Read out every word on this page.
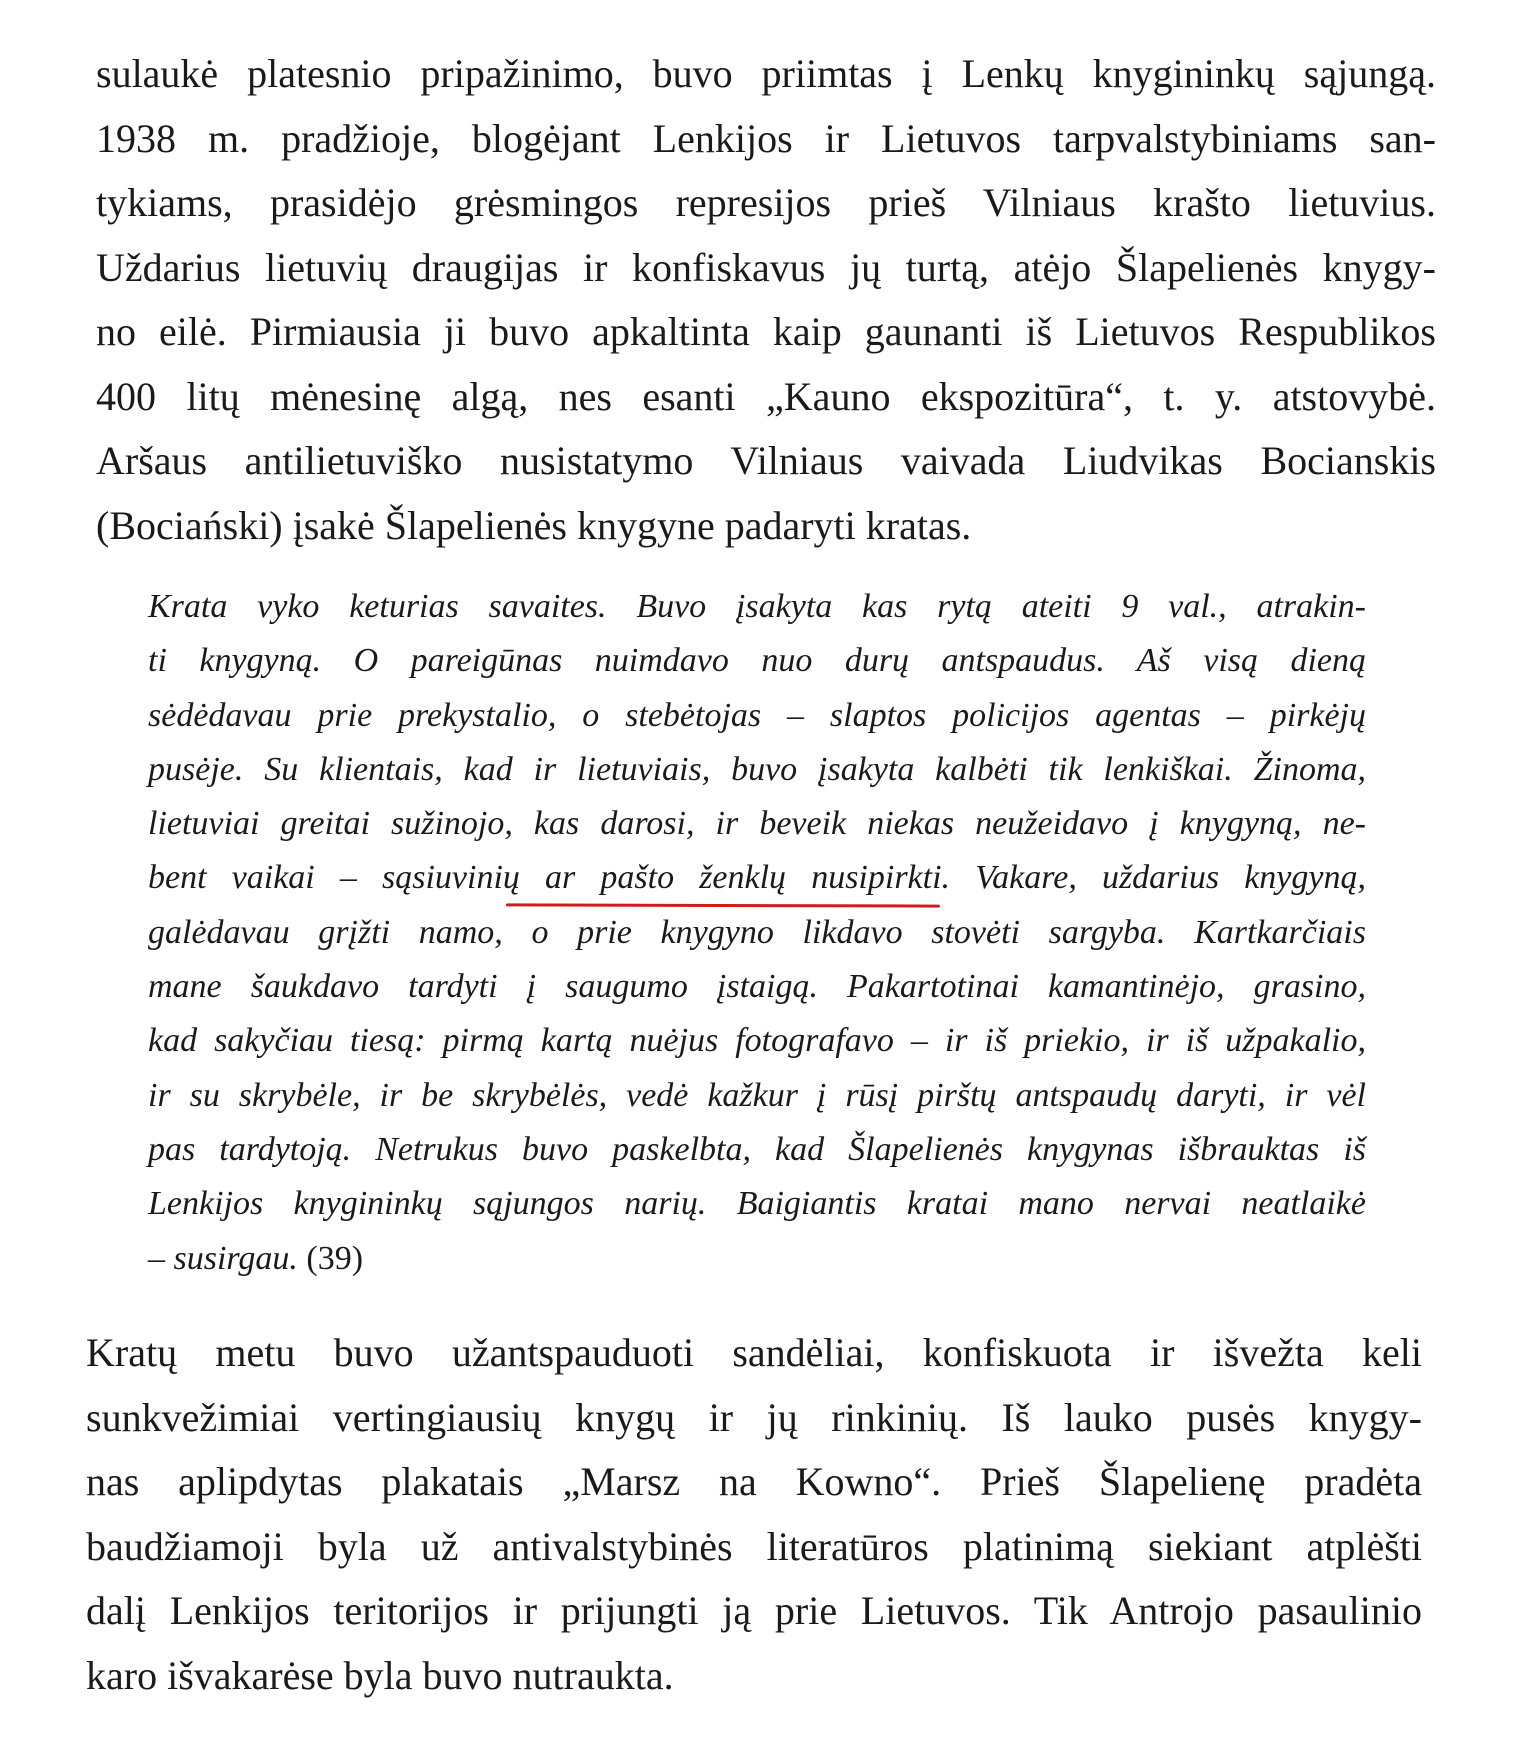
sulaukė platesnio pripažinimo, buvo priimtas į Lenkų knygininkų sąjungą.
1938 m. pradžioje, blogėjant Lenkijos ir Lietuvos tarpvalstybiniams san-
tykiams, prasidėjo grėsmingos represijos prieš Vilniaus krašto lietuvius.
Uždarius lietuvių draugijas ir konfiskavus jų turtą, atėjo Šlapelienės knygy-
no eilė. Pirmiausia ji buvo apkaltinta kaip gaunanti iš Lietuvos Respublikos
400 litų mėnesinę algą, nes esanti „Kauno ekspozitūra“, t. y. atstovybė.
Aršaus antilietuviško nusistatymo Vilniaus vaivada Liudvikas Bocianskis
(Bociański) įsakė Šlapelienės knygyne padaryti kratas.
Krata vyko keturias savaites. Buvo įsakyta kas rytą ateiti 9 val., atrakin-
ti knygyną. O pareigūnas nuimdavo nuo durų antspaudus. Aš visą dieną
sėdėdavau prie prekystalio, o stebėtojas – slaptos policijos agentas – pirkėjų
pusėje. Su klientais, kad ir lietuviais, buvo įsakyta kalbėti tik lenkiškai. Žinoma,
lietuviai greitai sužinojo, kas darosi, ir beveik niekas neužeidavo į knygyną, ne-
bent vaikai – sąsiuvinių ar pašto ženklų nusipirkti. Vakare, uždarius knygyną,
galėdavau grįžti namo, o prie knygyno likdavo stovėti sargyba. Kartkarčiais
mane šaukdavo tardyti į saugumo įstaigą. Pakartotinai kamantinėjo, grasino,
kad sakyčiau tiesą: pirmą kartą nuėjus fotografavo – ir iš priekio, ir iš užpakalio,
ir su skrybėle, ir be skrybėlės, vedė kažkur į rūsį pirštų antspaudų daryti, ir vėl
pas tardytoją. Netrukus buvo paskelbta, kad Šlapelienės knygynas išbrauktas iš
Lenkijos knygininkų sąjungos narių. Baigiantis kratai mano nervai neatlaikė
– susirgau. (39)
Kratų metu buvo užantspauduoti sandėliai, konfiskuota ir išvežta keli
sunkvežimiai vertingiausių knygų ir jų rinkinių. Iš lauko pusės knygy-
nas aplipdytas plakatais „Marsz na Kowno“. Prieš Šlapelienę pradėta
baudžiamoji byla už antivalstybinės literatūros platinimą siekiant atplėšti
dalį Lenkijos teritorijos ir prijungti ją prie Lietuvos. Tik Antrojo pasaulinio
karo išvakarėse byla buvo nutraukta.
